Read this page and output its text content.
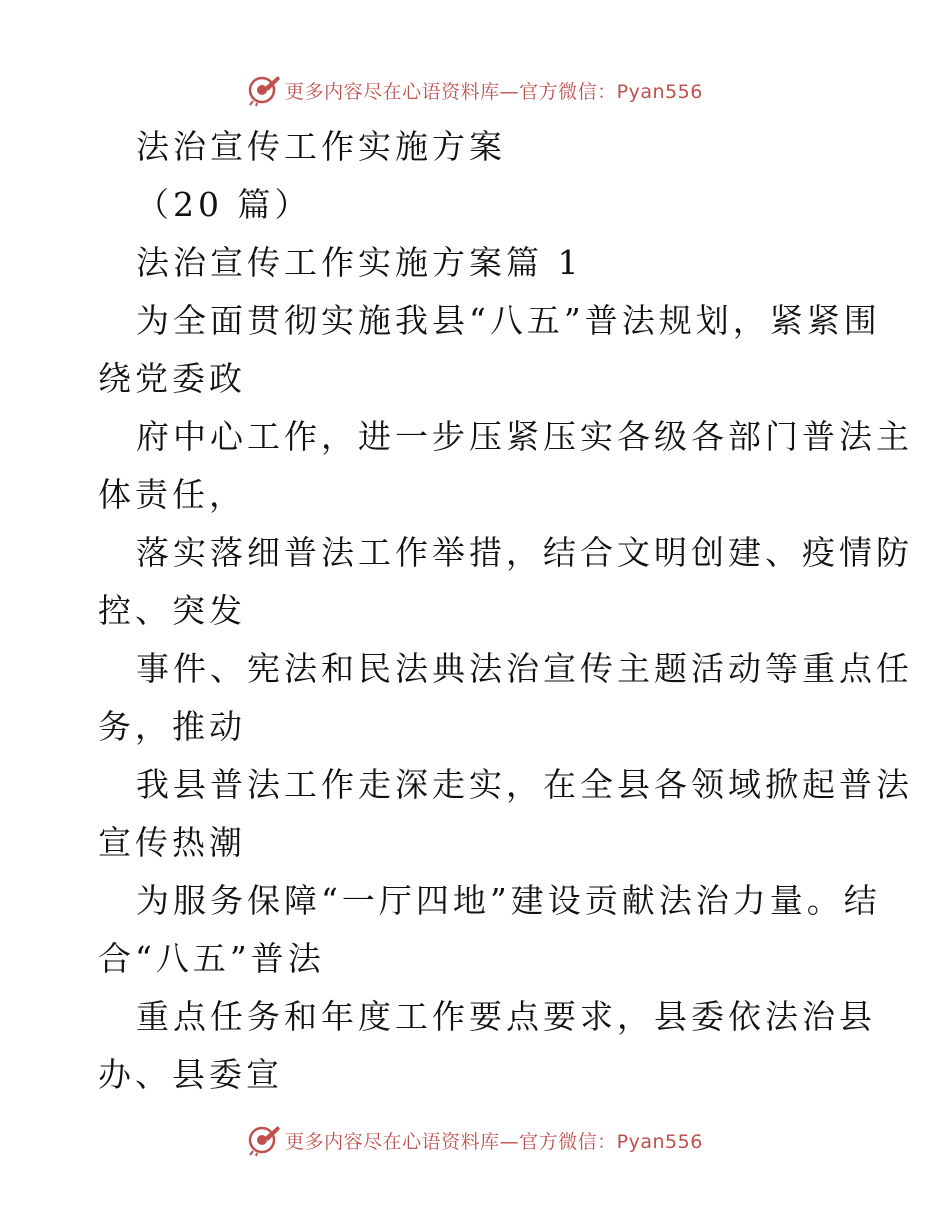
更多内容尽在心语资料库—官方微信：Pyan556
法治宣传工作实施方案
（20 篇）
法治宣传工作实施方案篇 1
为全面贯彻实施我县“八五”普法规划，紧紧围
绕党委政
府中心工作，进一步压紧压实各级各部门普法主
体责任，
落实落细普法工作举措，结合文明创建、疫情防
控、突发
事件、宪法和民法典法治宣传主题活动等重点任
务，推动
我县普法工作走深走实，在全县各领域掀起普法
宣传热潮
为服务保障“一厅四地”建设贡献法治力量。结
合“八五”普法
重点任务和年度工作要点要求，县委依法治县
办、县委宣
更多内容尽在心语资料库—官方微信：Pyan556
